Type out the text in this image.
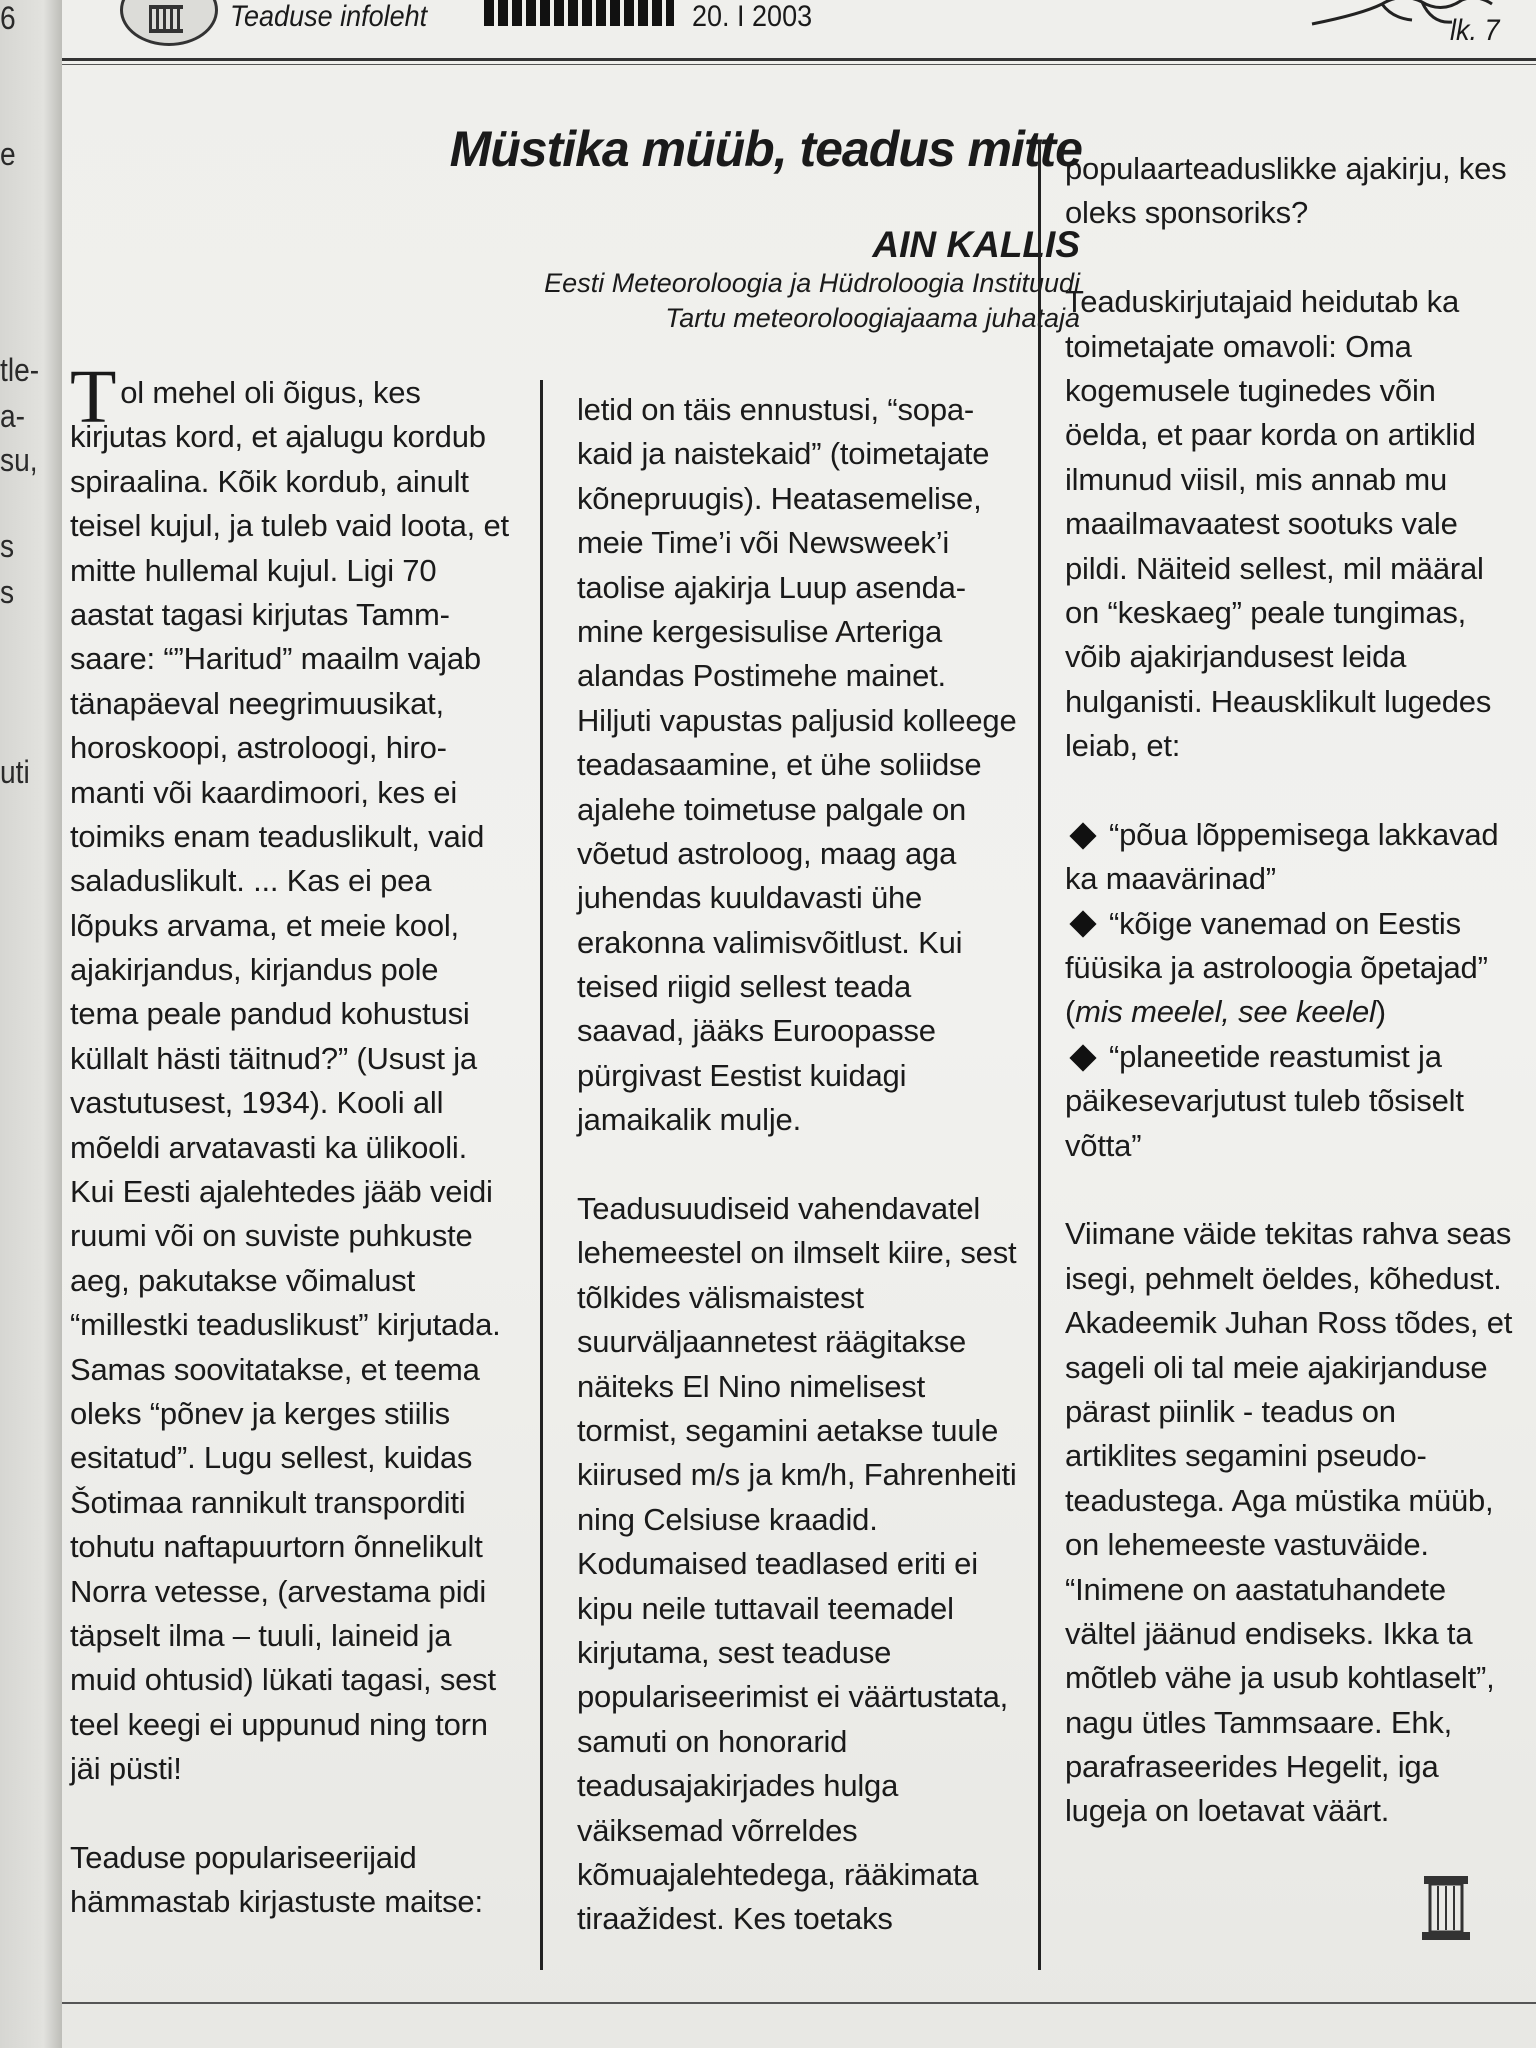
6
e
tle-
a-
su,
s
s
uti
Teaduse infoleht	20. I 2003	lk. 7
Müstika müüb, teadus mitte
AIN KALLIS
Eesti Meteoroloogia ja Hüdroloogia Instituudi
Tartu meteoroloogiajaama juhataja
Tol mehel oli õigus, kes
kirjutas kord, et ajalugu kordub
spiraalina. Kõik kordub, ainult
teisel kujul, ja tuleb vaid loota, et
mitte hullemal kujul. Ligi 70
aastat tagasi kirjutas Tamm-
saare: “”Haritud” maailm vajab
tänapäeval neegrimuusikat,
horoskoopi, astroloogi, hiro-
manti või kaardimoori, kes ei
toimiks enam teaduslikult, vaid
saladuslikult. ... Kas ei pea
lõpuks arvama, et meie kool,
ajakirjandus, kirjandus pole
tema peale pandud kohustusi
küllalt hästi täitnud?” (Usust ja
vastutusest, 1934). Kooli all
mõeldi arvatavasti ka ülikooli.
Kui Eesti ajalehtedes jääb veidi
ruumi või on suviste puhkuste
aeg, pakutakse võimalust
“millestki teaduslikust” kirjutada.
Samas soovitatakse, et teema
oleks “põnev ja kerges stiilis
esitatud”. Lugu sellest, kuidas
Šotimaa rannikult transporditi
tohutu naftapuurtorn õnnelikult
Norra vetesse, (arvestama pidi
täpselt ilma – tuuli, laineid ja
muid ohtusid) lükati tagasi, sest
teel keegi ei uppunud ning torn
jäi püsti!
Teaduse populariseerijaid
hämmastab kirjastuste maitse:
letid on täis ennustusi, “sopa-
kaid ja naistekaid” (toimetajate
kõnepruugis). Heatasemelise,
meie Time’i või Newsweek’i
taolise ajakirja Luup asenda-
mine kergesisulise Arteriga
alandas Postimehe mainet.
Hiljuti vapustas paljusid kolleege
teadasaamine, et ühe soliidse
ajalehe toimetuse palgale on
võetud astroloog, maag aga
juhendas kuuldavasti ühe
erakonna valimisvõitlust. Kui
teised riigid sellest teada
saavad, jääks Euroopasse
pürgivast Eestist kuidagi
jamaikalik mulje.
Teadusuudiseid vahendavatel
lehemeestel on ilmselt kiire, sest
tõlkides välismaistest
suurväljaannetest räägitakse
näiteks El Nino nimelisest
tormist, segamini aetakse tuule
kiirused m/s ja km/h, Fahrenheiti
ning Celsiuse kraadid.
Kodumaised teadlased eriti ei
kipu neile tuttavail teemadel
kirjutama, sest teaduse
populariseerimist ei väärtustata,
samuti on honorarid
teadusajakirjades hulga
väiksemad võrreldes
kõmuajalehtedega, rääkimata
tiraažidest. Kes toetaks
populaarteaduslikke ajakirju, kes
oleks sponsoriks?
Teaduskirjutajaid heidutab ka
toimetajate omavoli: Oma
kogemusele tuginedes võin
öelda, et paar korda on artiklid
ilmunud viisil, mis annab mu
maailmavaatest sootuks vale
pildi. Näiteid sellest, mil määral
on “keskaeg” peale tungimas,
võib ajakirjandusest leida
hulganisti. Heausklikult lugedes
leiab, et:
“põua lõppemisega lakkavad
ka maavärinad”
“kõige vanemad on Eestis
füüsika ja astroloogia õpetajad”
(mis meelel, see keelel)
“planeetide reastumist ja
päikesevarjutust tuleb tõsiselt
võtta”
Viimane väide tekitas rahva seas
isegi, pehmelt öeldes, kõhedust.
Akadeemik Juhan Ross tõdes, et
sageli oli tal meie ajakirjanduse
pärast piinlik - teadus on
artiklites segamini pseudo-
teadustega. Aga müstika müüb,
on lehemeeste vastuväide.
“Inimene on aastatuhandete
vältel jäänud endiseks. Ikka ta
mõtleb vähe ja usub kohtlaselt”,
nagu ütles Tammsaare. Ehk,
parafraseerides Hegelit, iga
lugeja on loetavat väärt.
